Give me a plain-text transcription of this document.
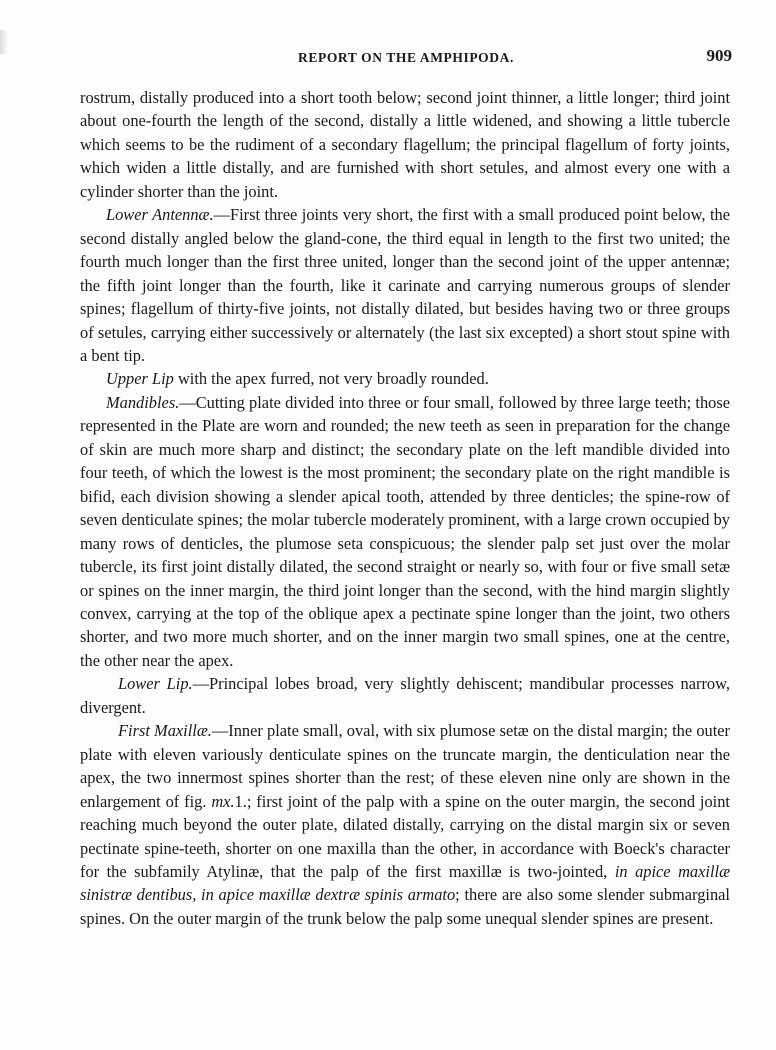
REPORT ON THE AMPHIPODA.	909

rostrum, distally produced into a short tooth below; second joint thinner, a little longer; third joint about one-fourth the length of the second, distally a little widened, and showing a little tubercle which seems to be the rudiment of a secondary flagellum; the principal flagellum of forty joints, which widen a little distally, and are furnished with short setules, and almost every one with a cylinder shorter than the joint.

Lower Antennæ.—First three joints very short, the first with a small produced point below, the second distally angled below the gland-cone, the third equal in length to the first two united; the fourth much longer than the first three united, longer than the second joint of the upper antennæ; the fifth joint longer than the fourth, like it carinate and carrying numerous groups of slender spines; flagellum of thirty-five joints, not distally dilated, but besides having two or three groups of setules, carrying either successively or alternately (the last six excepted) a short stout spine with a bent tip.

Upper Lip with the apex furred, not very broadly rounded.

Mandibles.—Cutting plate divided into three or four small, followed by three large teeth; those represented in the Plate are worn and rounded; the new teeth as seen in preparation for the change of skin are much more sharp and distinct; the secondary plate on the left mandible divided into four teeth, of which the lowest is the most prominent; the secondary plate on the right mandible is bifid, each division showing a slender apical tooth, attended by three denticles; the spine-row of seven denticulate spines; the molar tubercle moderately prominent, with a large crown occupied by many rows of denticles, the plumose seta conspicuous; the slender palp set just over the molar tubercle, its first joint distally dilated, the second straight or nearly so, with four or five small setæ or spines on the inner margin, the third joint longer than the second, with the hind margin slightly convex, carrying at the top of the oblique apex a pectinate spine longer than the joint, two others shorter, and two more much shorter, and on the inner margin two small spines, one at the centre, the other near the apex.

Lower Lip.—Principal lobes broad, very slightly dehiscent; mandibular processes narrow, divergent.

First Maxillæ.—Inner plate small, oval, with six plumose setæ on the distal margin; the outer plate with eleven variously denticulate spines on the truncate margin, the denticulation near the apex, the two innermost spines shorter than the rest; of these eleven nine only are shown in the enlargement of fig. mx.1.; first joint of the palp with a spine on the outer margin, the second joint reaching much beyond the outer plate, dilated distally, carrying on the distal margin six or seven pectinate spine-teeth, shorter on one maxilla than the other, in accordance with Boeck's character for the subfamily Atylinæ, that the palp of the first maxillæ is two-jointed, in apice maxillæ sinistræ dentibus, in apice maxillæ dextræ spinis armato; there are also some slender submarginal spines. On the outer margin of the trunk below the palp some unequal slender spines are present.
